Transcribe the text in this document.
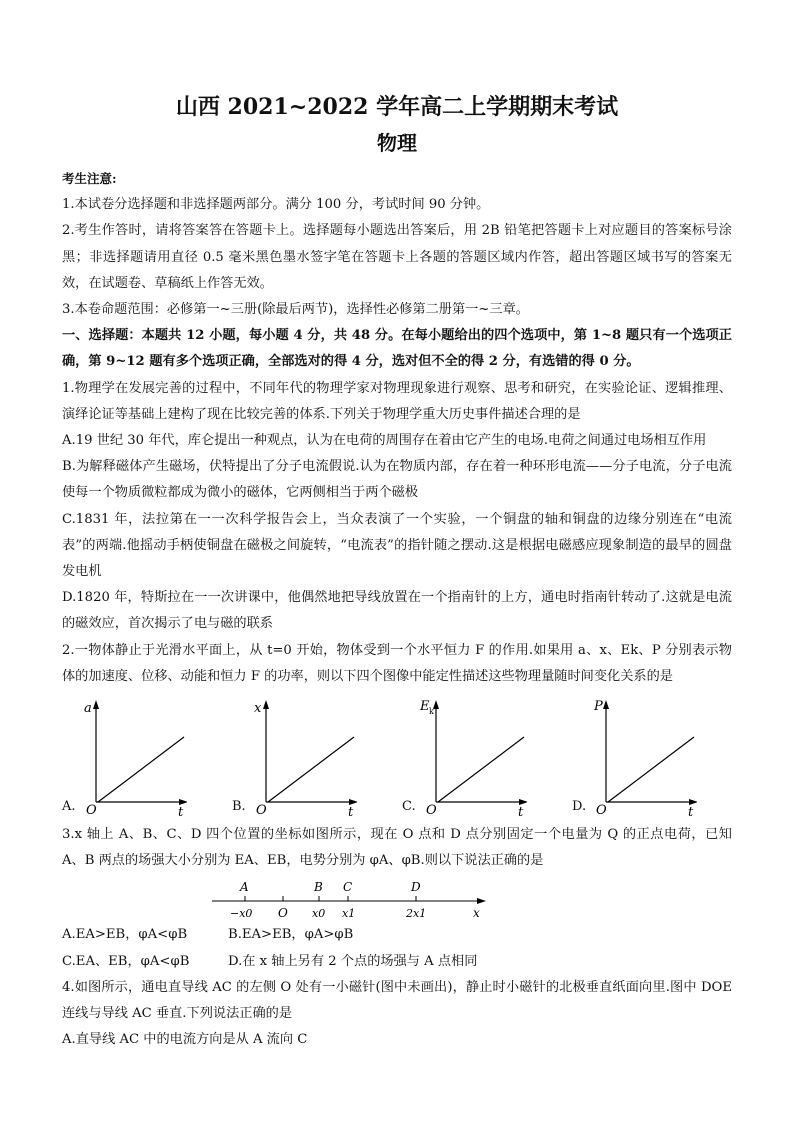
山西 2021~2022 学年高二上学期期末考试
物理

考生注意:

1.本试卷分选择题和非选择题两部分。满分 100 分，考试时间 90 分钟。

2.考生作答时，请将答案答在答题卡上。选择题每小题选出答案后，用 2B 铅笔把答题卡上对应题目的答案标号涂黑；非选择题请用直径 0.5 毫米黑色墨水签字笔在答题卡上各题的答题区域内作答，超出答题区域书写的答案无效，在试题卷、草稿纸上作答无效。

3.本卷命题范围：必修第一~三册(除最后两节)，选择性必修第二册第一~三章。

一、选择题：本题共 12 小题，每小题 4 分，共 48 分。在每小题给出的四个选项中，第 1~8 题只有一个选项正确，第 9~12 题有多个选项正确，全部选对的得 4 分，选对但不全的得 2 分，有选错的得 0 分。

1.物理学在发展完善的过程中，不同年代的物理学家对物理现象进行观察、思考和研究，在实验论证、逻辑推理、演绎论证等基础上建构了现在比较完善的体系.下列关于物理学重大历史事件描述合理的是

A.19 世纪 30 年代，库仑提出一种观点，认为在电荷的周围存在着由它产生的电场.电荷之间通过电场相互作用

B.为解释磁体产生磁场，伏特提出了分子电流假说.认为在物质内部，存在着一种环形电流——分子电流，分子电流使每一个物质微粒都成为微小的磁体，它两侧相当于两个磁极

C.1831 年，法拉第在一一次科学报告会上，当众表演了一个实验，一个铜盘的轴和铜盘的边缘分别连在“电流表”的两端.他摇动手柄使铜盘在磁极之间旋转，“电流表”的指针随之摆动.这是根据电磁感应现象制造的最早的圆盘发电机

D.1820 年，特斯拉在一一次讲课中，他偶然地把导线放置在一个指南针的上方，通电时指南针转动了.这就是电流的磁效应，首次揭示了电与磁的联系

2.一物体静止于光滑水平面上，从 t=0 开始，物体受到一个水平恒力 F 的作用.如果用 a、x、Ek、P 分别表示物体的加速度、位移、动能和恒力 F 的功率，则以下四个图像中能定性描述这些物理量随时间变化关系的是

A.
a
O	t	B.
x
O	t	C.
E k
O	t	D.
P
O	t

3.x 轴上 A、B、C、D 四个位置的坐标如图所示，现在 O 点和 D 点分别固定一个电量为 Q 的正点电荷，已知 A、B 两点的场强大小分别为 EA、EB，电势分别为 φA、φB.则以下说法正确的是

A	B C	D
−x0 O x0 x1	2x1	x
A.EA>EB，φA<φB	B.EA>EB，φA>φB
C.EA、EB，φA<φB	D.在 x 轴上另有 2 个点的场强与 A 点相同

4.如图所示，通电直导线 AC 的左侧 O 处有一小磁针(图中未画出)，静止时小磁针的北极垂直纸面向里.图中 DOE 连线与导线 AC 垂直.下列说法正确的是

A.直导线 AC 中的电流方向是从 A 流向 C
